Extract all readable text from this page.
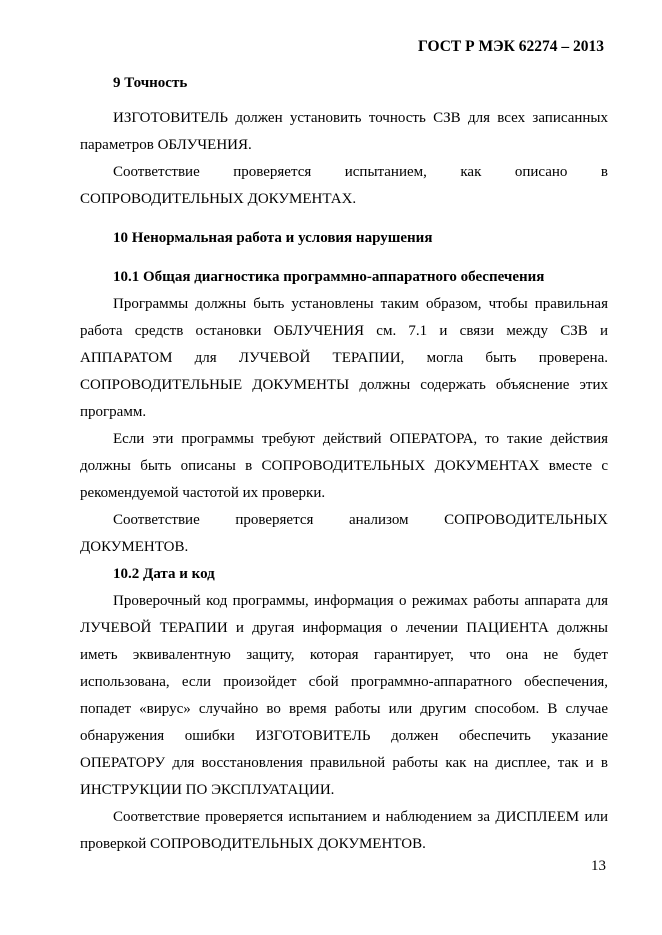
ГОСТ Р МЭК 62274 – 2013
9 Точность

ИЗГОТОВИТЕЛЬ должен установить точность СЗВ для всех записанных параметров ОБЛУЧЕНИЯ.

Соответствие проверяется испытанием, как описано в

СОПРОВОДИТЕЛЬНЫХ ДОКУМЕНТАХ.

10 Ненормальная работа и условия нарушения
10.1 Общая диагностика программно-аппаратного обеспечения

Программы должны быть установлены таким образом, чтобы правильная работа средств остановки ОБЛУЧЕНИЯ см. 7.1 и связи между СЗВ и АППАРАТОМ для ЛУЧЕВОЙ ТЕРАПИИ, могла быть проверена.

СОПРОВОДИТЕЛЬНЫЕ ДОКУМЕНТЫ должны содержать объяснение этих программ.

Если эти программы требуют действий ОПЕРАТОРА, то такие действия должны быть описаны в СОПРОВОДИТЕЛЬНЫХ ДОКУМЕНТАХ вместе с рекомендуемой частотой их проверки.

Соответствие проверяется анализом СОПРОВОДИТЕЛЬНЫХ

ДОКУМЕНТОВ.

10.2 Дата и код

Проверочный код программы, информация о режимах работы аппарата для ЛУЧЕВОЙ ТЕРАПИИ и другая информация о лечении ПАЦИЕНТА должны иметь эквивалентную защиту, которая гарантирует, что она не будет использована, если произойдет сбой программно-аппаратного обеспечения, попадет «вирус» случайно во время работы или другим способом. В случае обнаружения ошибки ИЗГОТОВИТЕЛЬ должен обеспечить указание ОПЕРАТОРУ для восстановления правильной работы как на дисплее, так и в ИНСТРУКЦИИ ПО ЭКСПЛУАТАЦИИ.

Соответствие проверяется испытанием и наблюдением за ДИСПЛЕЕМ или проверкой СОПРОВОДИТЕЛЬНЫХ ДОКУМЕНТОВ.

13
